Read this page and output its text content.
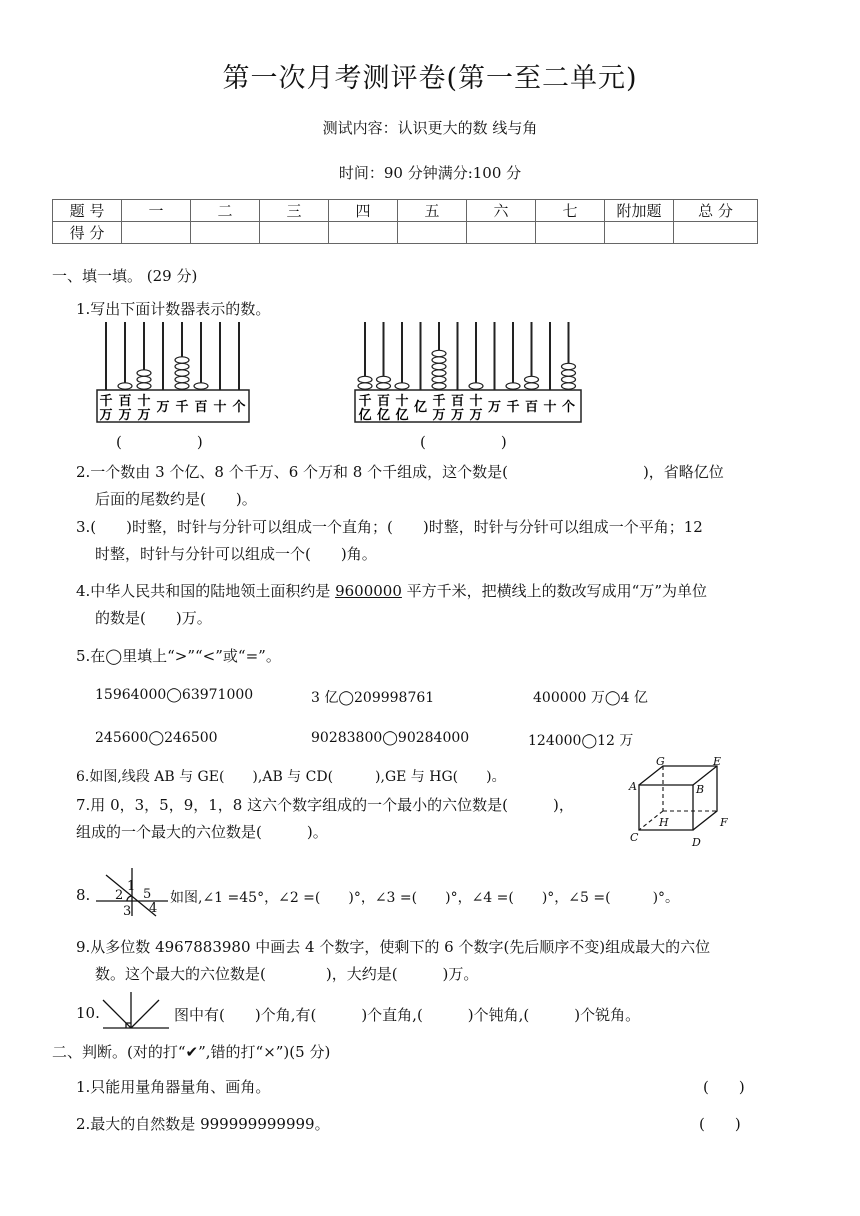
第一次月考测评卷(第一至二单元)
测试内容：认识更大的数 线与角
时间：90 分钟满分:100 分
题 号	一	二	三	四	五	六	七	附加题	总 分
得 分									
一、填一填。 (29 分)
1.写出下面计数器表示的数。
千
万
百
万
十
万
万 千 百 十 个
(　　　　　)
千
亿
百
亿
十
亿
亿 千
万
百
万
十
万
万 千 百 十 个
(　　　　　)
2.一个数由 3 个亿、8 个千万、6 个万和 8 个千组成，这个数是(　　　　　　　　　)，省略亿位
后面的尾数约是(　　)。
3.(　　)时整，时针与分针可以组成一个直角；(　　)时整，时针与分针可以组成一个平角；12
时整，时针与分针可以组成一个(　　)角。
4.中华人民共和国的陆地领土面积约是 9600000 平方千米，把横线上的数改写成用“万”为单位
的数是(　　)万。
5.在◯里填上“>”“<”或“=”。
15964000◯63971000	3 亿◯209998761	400000 万◯4 亿
245600◯246500	90283800◯90284000	124000◯12 万
6.如图,线段 AB 与 GE(　　),AB 与 CD(　　　),GE 与 HG(　　)。
7.用 0，3，5，9，1，8 这六个数字组成的一个最小的六位数是(　　　)，
组成的一个最大的六位数是(　　　)。
G	E
A	B
H	F
C	D
8.	1
2 5
3 4
如图,∠1 =45°，∠2 =(　　)°，∠3 =(　　)°，∠4 =(　　)°，∠5 =(　　　)°。
9.从多位数 4967883980 中画去 4 个数字，使剩下的 6 个数字(先后顺序不变)组成最大的六位
数。这个最大的六位数是(　　　　)，大约是(　　　)万。
10.	图中有(　　)个角,有(　　　)个直角,(　　　)个钝角,(　　　)个锐角。
二、判断。(对的打“✔”,错的打“×”)(5 分)
1.只能用量角器量角、画角。	(　　)
2.最大的自然数是 999999999999。	(　　)
